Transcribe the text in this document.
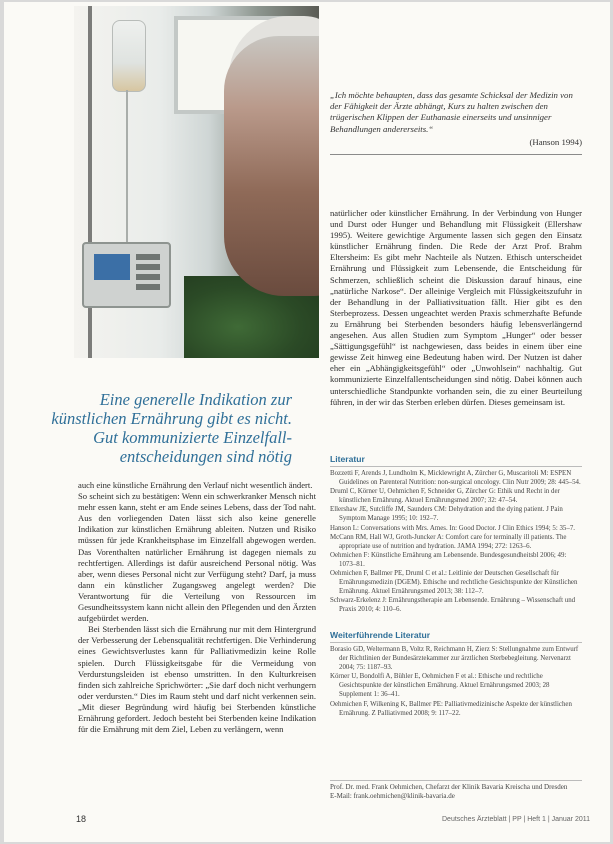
Eine generelle Indikation zur
künstlichen Ernährung gibt es nicht.
Gut kommunizierte Einzelfall-
entscheidungen sind nötig

auch eine künstliche Ernährung den Verlauf nicht wesentlich ändert.

So scheint sich zu bestätigen: Wenn ein schwerkranker Mensch nicht mehr essen kann, steht er am Ende seines Lebens, dass der Tod naht. Aus den vorliegenden Daten lässt sich also keine generelle Indikation zur künstlichen Ernährung ableiten. Nutzen und Risiko müssen für jede Krankheitsphase im Einzelfall abgewogen werden. Das Vorenthalten natürlicher Ernährung ist dagegen niemals zu rechtfertigen. Allerdings ist dafür ausreichend Personal nötig. Was aber, wenn dieses Personal nicht zur Verfügung steht? Darf, ja muss dann ein künstlicher Zugangsweg angelegt werden? Die Verantwortung für die Verteilung von Ressourcen im Gesundheitssystem kann nicht allein den Pflegenden und den Ärzten aufgebürdet werden.

Bei Sterbenden lässt sich die Ernährung nur mit dem Hintergrund der Verbesserung der Lebensqualität rechtfertigen. Die Verhinderung eines Gewichtsverlustes kann für Palliativmedizin keine Rolle spielen. Durch Flüssigkeitsgabe für die Vermeidung von Verdurstungsleiden ist ebenso umstritten. In den Kulturkreisen finden sich zahlreiche Sprichwörter: „Sie darf doch nicht verhungern oder verdursten.“ Dies im Raum steht und darf nicht verkennen sein. „Mit dieser Begründung wird häufig bei Sterbenden künstliche Ernährung gefordert. Jedoch besteht bei Sterbenden keine Indikation für die Ernährung mit dem Ziel, Leben zu verlängern, wenn

„Ich möchte behaupten, dass das gesamte Schicksal der Medizin von der Fähigkeit der Ärzte abhängt, Kurs zu halten zwischen den trügerischen Klippen der Euthanasie einerseits und unsinniger Behandlungen andererseits.“
(Hanson 1994)

natürlicher oder künstlicher Ernährung. In der Verbindung von Hunger und Durst oder Hunger und Behandlung mit Flüssigkeit (Ellershaw 1995). Weitere gewichtige Argumente lassen sich gegen den Einsatz künstlicher Ernährung finden. Die Rede der Arzt Prof. Brahm Eltersheim: Es gibt mehr Nachteile als Nutzen. Ethisch unterscheidet Ernährung und Flüssigkeit zum Lebensende, die Entscheidung für Schmerzen, schließlich scheint die Diskussion darauf hinaus, eine „natürliche Narkose“. Der alleinige Vergleich mit Flüssigkeitszufuhr in der Behandlung in der Palliativsituation fällt. Hier gibt es den Sterbeprozess. Dessen ungeachtet werden Praxis schmerzhafte Befunde zu Ernährung bei Sterbenden besonders häufig lebensverlängernd angesehen. Aus allen Studien zum Symptom „Hunger“ oder besser „Sättigungsgefühl“ ist nachgewiesen, dass beides in einem über eine gewisse Zeit hinweg eine Bedeutung haben wird. Der Nutzen ist daher eher ein „Abhängigkeitsgefühl“ oder „Unwohlsein“ nachhaltig. Gut kommunizierte Einzelfallentscheidungen sind nötig. Dabei können auch unterschiedliche Standpunkte vorhanden sein, die zu einer Beurteilung führen, in der wir das Sterben erleben dürfen. Dieses gemeinsam ist.

Literatur

Bozzetti F, Arends J, Lundholm K, Micklewright A, Zürcher G, Muscaritoli M: ESPEN Guidelines on Parenteral Nutrition: non-surgical oncology. Clin Nutr 2009; 28: 445–54.

Druml C, Körner U, Oehmichen F, Schneider G, Zürcher G: Ethik und Recht in der künstlichen Ernährung. Aktuel Ernährungsmed 2007; 32: 47–54.

Ellershaw JE, Sutcliffe JM, Saunders CM: Dehydration and the dying patient. J Pain Symptom Manage 1995; 10: 192–7.

Hanson L: Conversations with Mrs. Ames. In: Good Doctor. J Clin Ethics 1994; 5: 35–7.

McCann RM, Hall WJ, Groth-Juncker A: Comfort care for terminally ill patients. The appropriate use of nutrition and hydration. JAMA 1994; 272: 1263–6.

Oehmichen F: Künstliche Ernährung am Lebensende. Bundesgesundheitsbl 2006; 49: 1073–81.

Oehmichen F, Ballmer PE, Druml C et al.: Leitlinie der Deutschen Gesellschaft für Ernährungsmedizin (DGEM). Ethische und rechtliche Gesichtspunkte der Künstlichen Ernährung. Aktuel Ernährungsmed 2013; 38: 112–7.

Schwarz-Erkelenz J: Ernährungstherapie am Lebensende. Ernährung – Wissenschaft und Praxis 2010; 4: 110–6.

Weiterführende Literatur

Borasio GD, Weltermann B, Voltz R, Reichmann H, Zierz S: Stellungnahme zum Entwurf der Richtlinien der Bundesärztekammer zur ärztlichen Sterbebegleitung. Nervenarzt 2004; 75: 1187–93.

Körner U, Bondolfi A, Bühler E, Oehmichen F et al.: Ethische und rechtliche Gesichtspunkte der künstlichen Ernährung. Aktuel Ernährungsmed 2003; 28 Supplement 1: 36–41.

Oehmichen F, Wilkening K, Ballmer PE: Palliativmedizinische Aspekte der künstlichen Ernährung. Z Palliativmed 2008; 9: 117–22.

Prof. Dr. med. Frank Oehmichen, Chefarzt der Klinik Bavaria Kreischa und Dresden
E-Mail: frank.oehmichen@klinik-bavaria.de
18	Deutsches Ärzteblatt | PP | Heft 1 | Januar 2011
